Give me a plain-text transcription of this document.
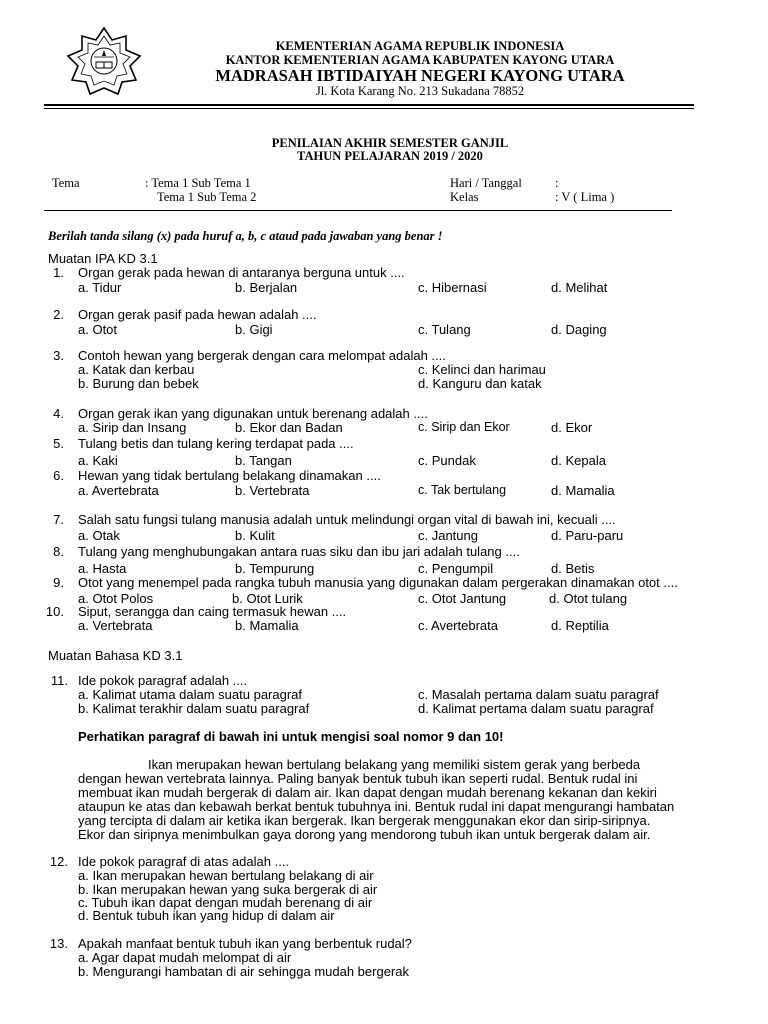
KEMENTERIAN AGAMA REPUBLIK INDONESIA
KANTOR KEMENTERIAN AGAMA KABUPATEN KAYONG UTARA
MADRASAH IBTIDAIYAH NEGERI KAYONG UTARA
Jl. Kota Karang No. 213 Sukadana 78852
PENILAIAN AKHIR SEMESTER GANJIL
TAHUN PELAJARAN 2019 / 2020
Tema	: Tema 1 Sub Tema 1
Tema 1 Sub Tema 2
Hari / Tanggal	:
Kelas	: V ( Lima )
Berilah tanda silang (x) pada huruf a, b, c ataud pada jawaban yang benar !
Muatan IPA KD 3.1
1. Organ gerak pada hewan di antaranya berguna untuk ....
a. Tidur	b. Berjalan	c. Hibernasi	d. Melihat
2. Organ gerak pasif pada hewan adalah ....
a. Otot	b. Gigi	c. Tulang	d. Daging
3. Contoh hewan yang bergerak dengan cara melompat adalah ....
a. Katak dan kerbau	c. Kelinci dan harimau
b. Burung dan bebek	d. Kanguru dan katak
4. Organ gerak ikan yang digunakan untuk berenang adalah ....
a. Sirip dan Insang	b. Ekor dan Badan	c. Sirip dan Ekor	d. Ekor
5. Tulang betis dan tulang kering terdapat pada ....
a. Kaki	b. Tangan	c. Pundak	d. Kepala
6. Hewan yang tidak bertulang belakang dinamakan ....
a. Avertebrata	b. Vertebrata	c. Tak bertulang	d. Mamalia
7. Salah satu fungsi tulang manusia adalah untuk melindungi organ vital di bawah ini, kecuali ....
a. Otak	b. Kulit	c. Jantung	d. Paru-paru
8. Tulang yang menghubungakan antara ruas siku dan ibu jari adalah tulang ....
a. Hasta	b. Tempurung	c. Pengumpil	d. Betis
9. Otot yang menempel pada rangka tubuh manusia yang digunakan dalam pergerakan dinamakan otot ....
a. Otot Polos	b. Otot Lurik	c. Otot Jantung	d. Otot tulang
10. Siput, serangga dan caing termasuk hewan ....
a. Vertebrata	b. Mamalia	c. Avertebrata	d. Reptilia
Muatan Bahasa KD 3.1
11. Ide pokok paragraf adalah ....
a. Kalimat utama dalam suatu paragraf	c. Masalah pertama dalam suatu paragraf
b. Kalimat terakhir dalam suatu paragraf	d. Kalimat pertama dalam suatu paragraf
Perhatikan paragraf di bawah ini untuk mengisi soal nomor 9 dan 10!
Ikan merupakan hewan bertulang belakang yang memiliki sistem gerak yang berbeda
dengan hewan vertebrata lainnya. Paling banyak bentuk tubuh ikan seperti rudal. Bentuk rudal ini
membuat ikan mudah bergerak di dalam air. Ikan dapat dengan mudah berenang kekanan dan kekiri
ataupun ke atas dan kebawah berkat bentuk tubuhnya ini. Bentuk rudal ini dapat mengurangi hambatan
yang tercipta di dalam air ketika ikan bergerak. Ikan bergerak menggunakan ekor dan sirip-siripnya.
Ekor dan siripnya menimbulkan gaya dorong yang mendorong tubuh ikan untuk bergerak dalam air.
12. Ide pokok paragraf di atas adalah ....
a. Ikan merupakan hewan bertulang belakang di air
b. Ikan merupakan hewan yang suka bergerak di air
c. Tubuh ikan dapat dengan mudah berenang di air
d. Bentuk tubuh ikan yang hidup di dalam air
13. Apakah manfaat bentuk tubuh ikan yang berbentuk rudal?
a. Agar dapat mudah melompat di air
b. Mengurangi hambatan di air sehingga mudah bergerak
